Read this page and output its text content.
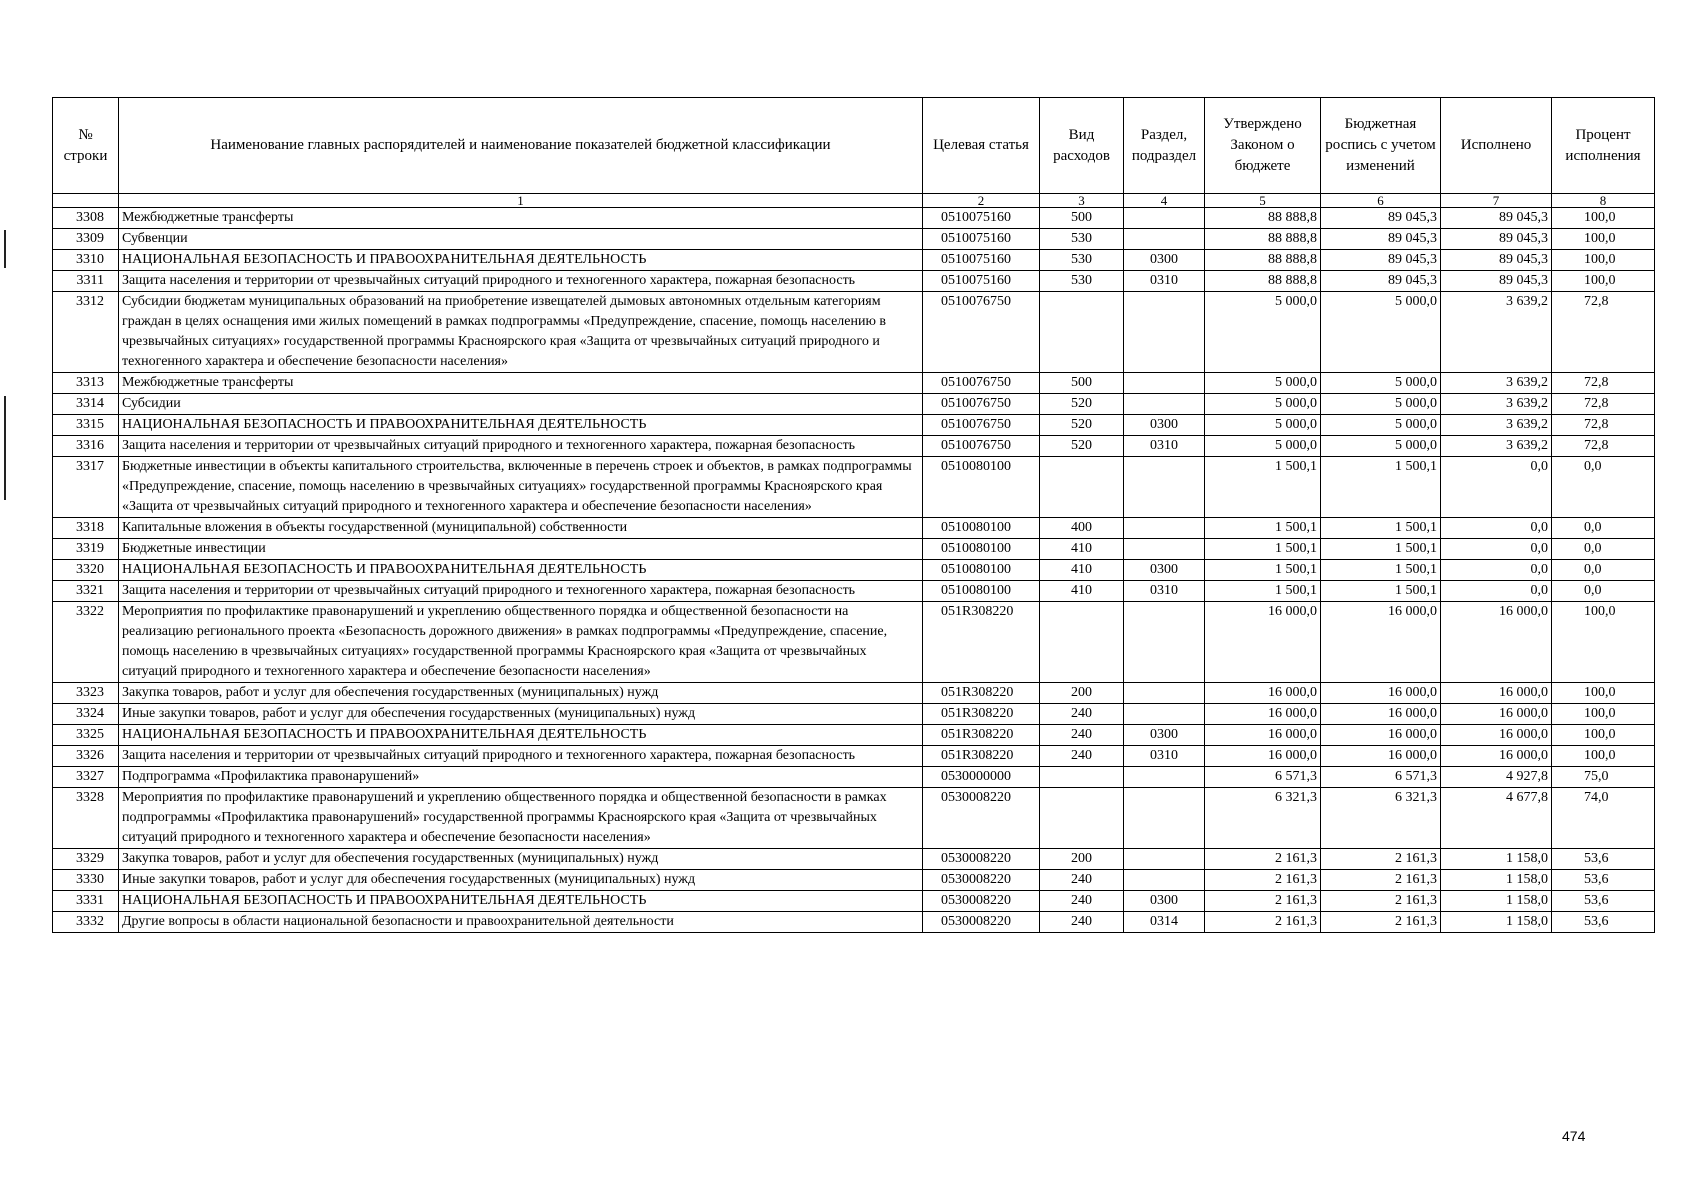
№ строки	Наименование главных распорядителей и наименование показателей бюджетной классификации	Целевая статья	Вид расходов	Раздел, подраздел	Утверждено Законом о бюджете	Бюджетная роспись с учетом изменений	Исполнено	Процент исполнения
	1	2	3	4	5	6	7	8
3308	Межбюджетные трансферты	0510075160	500		88 888,8	89 045,3	89 045,3	100,0
3309	Субвенции	0510075160	530		88 888,8	89 045,3	89 045,3	100,0
3310	НАЦИОНАЛЬНАЯ БЕЗОПАСНОСТЬ И ПРАВООХРАНИТЕЛЬНАЯ ДЕЯТЕЛЬНОСТЬ	0510075160	530	0300	88 888,8	89 045,3	89 045,3	100,0
3311	Защита населения и территории от чрезвычайных ситуаций природного и техногенного характера, пожарная безопасность	0510075160	530	0310	88 888,8	89 045,3	89 045,3	100,0
3312	Субсидии бюджетам муниципальных образований на приобретение извещателей дымовых автономных отдельным категориям граждан в целях оснащения ими жилых помещений в рамках подпрограммы «Предупреждение, спасение, помощь населению в чрезвычайных ситуациях» государственной программы Красноярского края «Защита от чрезвычайных ситуаций природного и техногенного характера и обеспечение безопасности населения»	0510076750			5 000,0	5 000,0	3 639,2	72,8
3313	Межбюджетные трансферты	0510076750	500		5 000,0	5 000,0	3 639,2	72,8
3314	Субсидии	0510076750	520		5 000,0	5 000,0	3 639,2	72,8
3315	НАЦИОНАЛЬНАЯ БЕЗОПАСНОСТЬ И ПРАВООХРАНИТЕЛЬНАЯ ДЕЯТЕЛЬНОСТЬ	0510076750	520	0300	5 000,0	5 000,0	3 639,2	72,8
3316	Защита населения и территории от чрезвычайных ситуаций природного и техногенного характера, пожарная безопасность	0510076750	520	0310	5 000,0	5 000,0	3 639,2	72,8
3317	Бюджетные инвестиции в объекты капитального строительства, включенные в перечень строек и объектов, в рамках подпрограммы «Предупреждение, спасение, помощь населению в чрезвычайных ситуациях» государственной программы Красноярского края «Защита от чрезвычайных ситуаций природного и техногенного характера и обеспечение безопасности населения»	0510080100			1 500,1	1 500,1	0,0	0,0
3318	Капитальные вложения в объекты государственной (муниципальной) собственности	0510080100	400		1 500,1	1 500,1	0,0	0,0
3319	Бюджетные инвестиции	0510080100	410		1 500,1	1 500,1	0,0	0,0
3320	НАЦИОНАЛЬНАЯ БЕЗОПАСНОСТЬ И ПРАВООХРАНИТЕЛЬНАЯ ДЕЯТЕЛЬНОСТЬ	0510080100	410	0300	1 500,1	1 500,1	0,0	0,0
3321	Защита населения и территории от чрезвычайных ситуаций природного и техногенного характера, пожарная безопасность	0510080100	410	0310	1 500,1	1 500,1	0,0	0,0
3322	Мероприятия по профилактике правонарушений и укреплению общественного порядка и общественной безопасности на реализацию регионального проекта «Безопасность дорожного движения» в рамках подпрограммы «Предупреждение, спасение, помощь населению в чрезвычайных ситуациях» государственной программы Красноярского края «Защита от чрезвычайных ситуаций природного и техногенного характера и обеспечение безопасности населения»	051R308220			16 000,0	16 000,0	16 000,0	100,0
3323	Закупка товаров, работ и услуг для обеспечения государственных (муниципальных) нужд	051R308220	200		16 000,0	16 000,0	16 000,0	100,0
3324	Иные закупки товаров, работ и услуг для обеспечения государственных (муниципальных) нужд	051R308220	240		16 000,0	16 000,0	16 000,0	100,0
3325	НАЦИОНАЛЬНАЯ БЕЗОПАСНОСТЬ И ПРАВООХРАНИТЕЛЬНАЯ ДЕЯТЕЛЬНОСТЬ	051R308220	240	0300	16 000,0	16 000,0	16 000,0	100,0
3326	Защита населения и территории от чрезвычайных ситуаций природного и техногенного характера, пожарная безопасность	051R308220	240	0310	16 000,0	16 000,0	16 000,0	100,0
3327	Подпрограмма «Профилактика правонарушений»	0530000000			6 571,3	6 571,3	4 927,8	75,0
3328	Мероприятия по профилактике правонарушений и укреплению общественного порядка и общественной безопасности в рамках подпрограммы «Профилактика правонарушений» государственной программы Красноярского края «Защита от чрезвычайных ситуаций природного и техногенного характера и обеспечение безопасности населения»	0530008220			6 321,3	6 321,3	4 677,8	74,0
3329	Закупка товаров, работ и услуг для обеспечения государственных (муниципальных) нужд	0530008220	200		2 161,3	2 161,3	1 158,0	53,6
3330	Иные закупки товаров, работ и услуг для обеспечения государственных (муниципальных) нужд	0530008220	240		2 161,3	2 161,3	1 158,0	53,6
3331	НАЦИОНАЛЬНАЯ БЕЗОПАСНОСТЬ И ПРАВООХРАНИТЕЛЬНАЯ ДЕЯТЕЛЬНОСТЬ	0530008220	240	0300	2 161,3	2 161,3	1 158,0	53,6
3332	Другие вопросы в области национальной безопасности и правоохранительной деятельности	0530008220	240	0314	2 161,3	2 161,3	1 158,0	53,6
474
